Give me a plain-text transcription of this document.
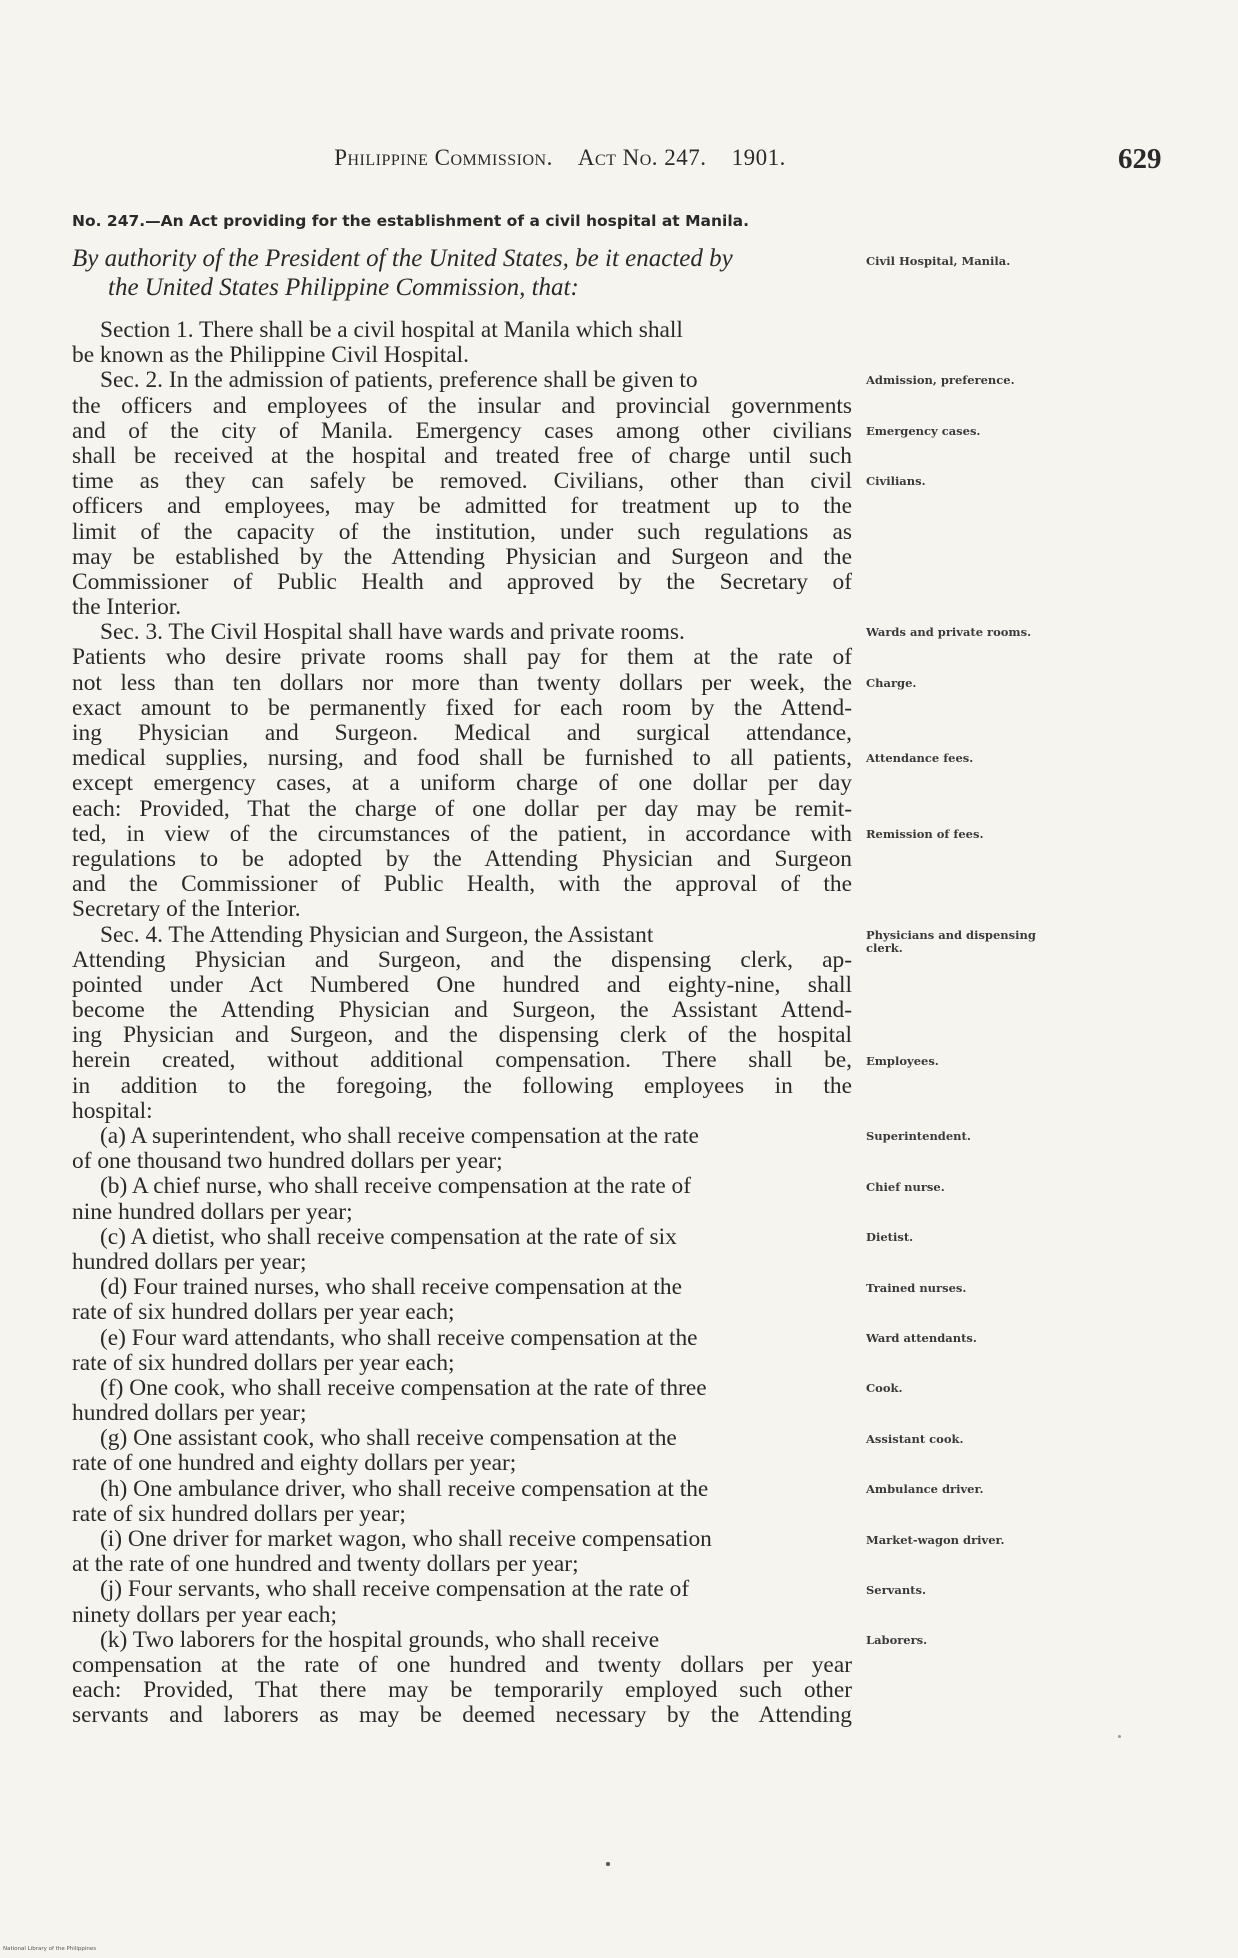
Philippine Commission. Act No. 247. 1901.	629
No. 247.—An Act providing for the establishment of a civil hospital at Manila.
By authority of the President of the United States, be it enacted by
the United States Philippine Commission, that:
Section 1. There shall be a civil hospital at Manila which shall
be known as the Philippine Civil Hospital.
Sec. 2. In the admission of patients, preference shall be given to
the officers and employees of the insular and provincial governments
and of the city of Manila. Emergency cases among other civilians
shall be received at the hospital and treated free of charge until such
time as they can safely be removed. Civilians, other than civil
officers and employees, may be admitted for treatment up to the
limit of the capacity of the institution, under such regulations as
may be established by the Attending Physician and Surgeon and the
Commissioner of Public Health and approved by the Secretary of
the Interior.
Sec. 3. The Civil Hospital shall have wards and private rooms.
Patients who desire private rooms shall pay for them at the rate of
not less than ten dollars nor more than twenty dollars per week, the
exact amount to be permanently fixed for each room by the Attend-
ing Physician and Surgeon. Medical and surgical attendance,
medical supplies, nursing, and food shall be furnished to all patients,
except emergency cases, at a uniform charge of one dollar per day
each: Provided, That the charge of one dollar per day may be remit-
ted, in view of the circumstances of the patient, in accordance with
regulations to be adopted by the Attending Physician and Surgeon
and the Commissioner of Public Health, with the approval of the
Secretary of the Interior.
Sec. 4. The Attending Physician and Surgeon, the Assistant
Attending Physician and Surgeon, and the dispensing clerk, ap-
pointed under Act Numbered One hundred and eighty-nine, shall
become the Attending Physician and Surgeon, the Assistant Attend-
ing Physician and Surgeon, and the dispensing clerk of the hospital
herein created, without additional compensation. There shall be,
in addition to the foregoing, the following employees in the
hospital:
(a) A superintendent, who shall receive compensation at the rate
of one thousand two hundred dollars per year;
(b) A chief nurse, who shall receive compensation at the rate of
nine hundred dollars per year;
(c) A dietist, who shall receive compensation at the rate of six
hundred dollars per year;
(d) Four trained nurses, who shall receive compensation at the
rate of six hundred dollars per year each;
(e) Four ward attendants, who shall receive compensation at the
rate of six hundred dollars per year each;
(f) One cook, who shall receive compensation at the rate of three
hundred dollars per year;
(g) One assistant cook, who shall receive compensation at the
rate of one hundred and eighty dollars per year;
(h) One ambulance driver, who shall receive compensation at the
rate of six hundred dollars per year;
(i) One driver for market wagon, who shall receive compensation
at the rate of one hundred and twenty dollars per year;
(j) Four servants, who shall receive compensation at the rate of
ninety dollars per year each;
(k) Two laborers for the hospital grounds, who shall receive
compensation at the rate of one hundred and twenty dollars per year
each: Provided, That there may be temporarily employed such other
servants and laborers as may be deemed necessary by the Attending
Civil Hospital, Manila.
Admission, preference.
Emergency cases.
Civilians.
Wards and private rooms.
Charge.
Attendance fees.
Remission of fees.
Physicians and dispensing clerk.
Employees.
Superintendent.
Chief nurse.
Dietist.
Trained nurses.
Ward attendants.
Cook.
Assistant cook.
Ambulance driver.
Market-wagon driver.
Servants.
Laborers.
National Library of the Philippines
